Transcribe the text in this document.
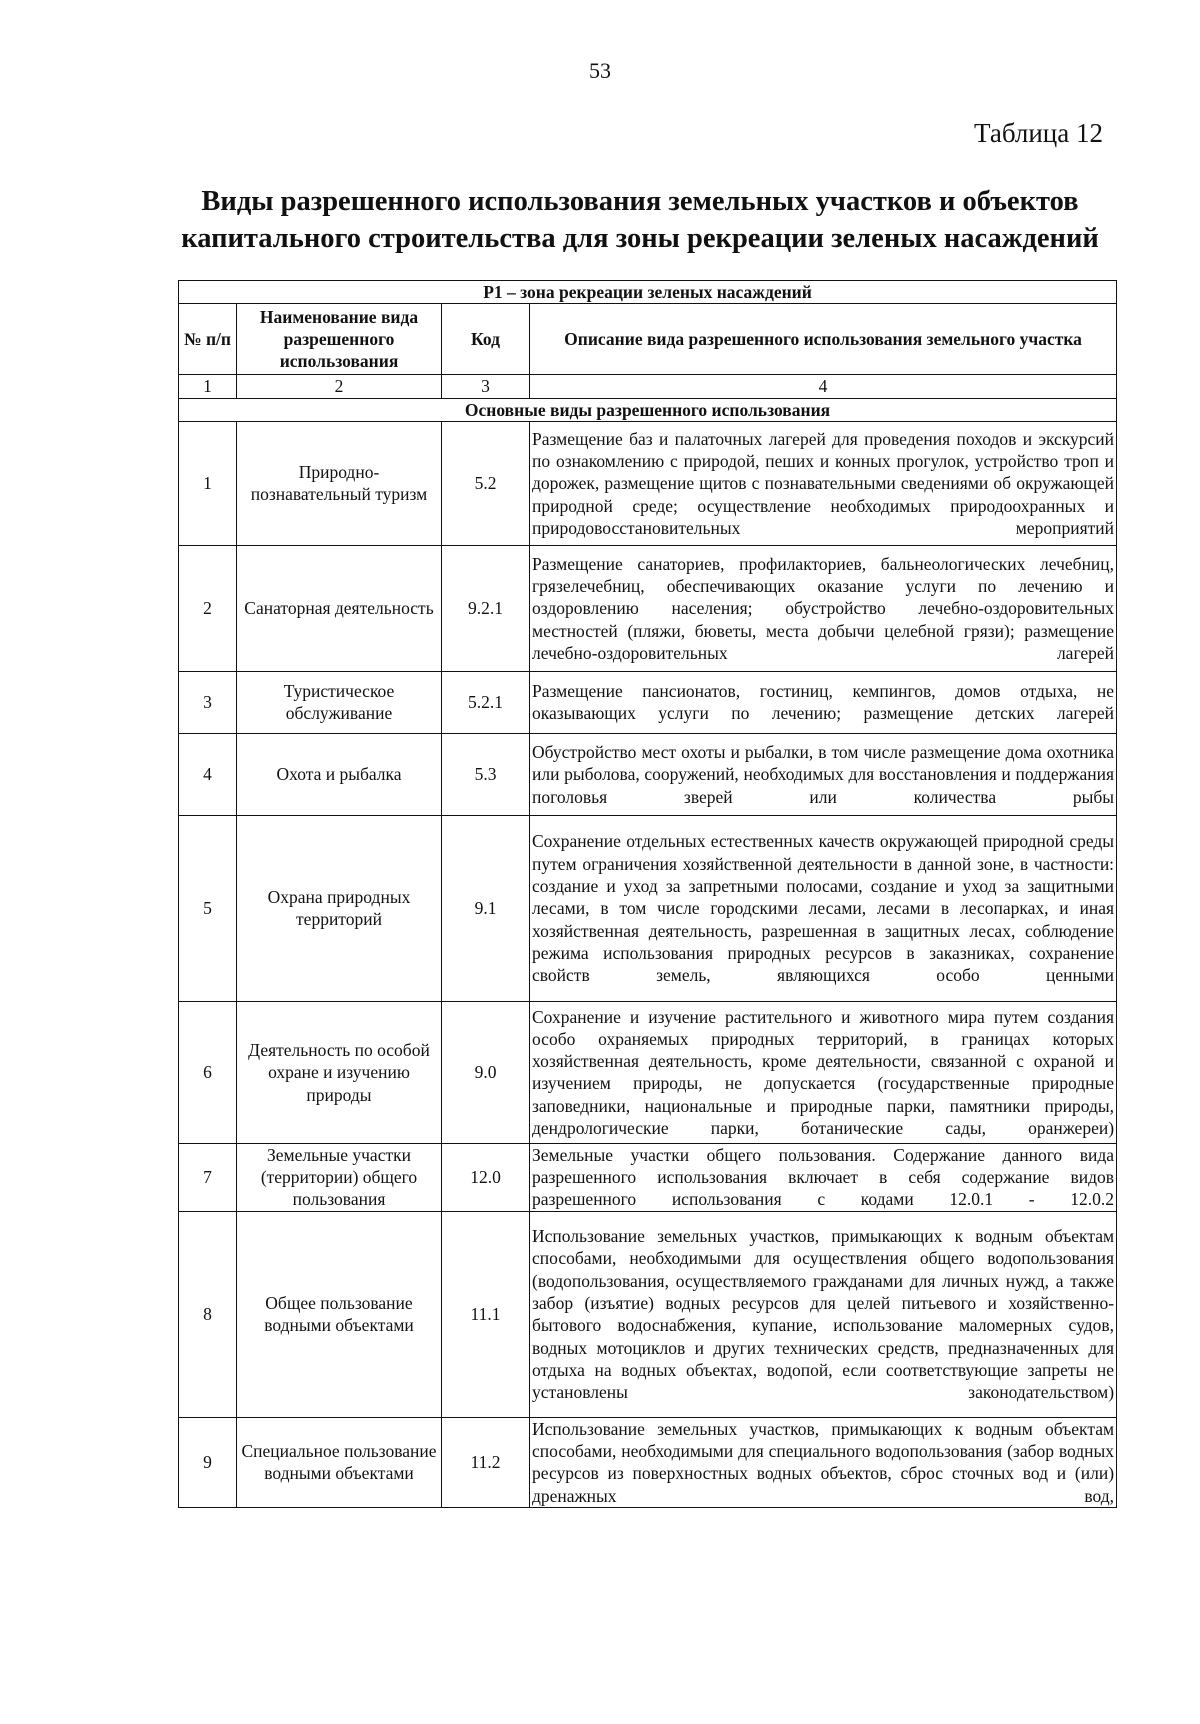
53
Таблица 12
Виды разрешенного использования земельных участков и объектов
капитального строительства для зоны рекреации зеленых насаждений
Р1 – зона рекреации зеленых насаждений			
№ п/п	Наименование вида разрешенного использования	Код	Описание вида разрешенного использования земельного участка
1	2	3	4
Основные виды разрешенного использования			
1	Природно-познавательный туризм	5.2	Размещение баз и палаточных лагерей для проведения походов и экскурсий по ознакомлению с природой, пеших и конных прогулок, устройство троп и дорожек, размещение щитов с познавательными сведениями об окружающей природной среде; осуществление необходимых природоохранных и природовосстановительных мероприятий
2	Санаторная деятельность	9.2.1	Размещение санаториев, профилакториев, бальнеологических лечебниц, грязелечебниц, обеспечивающих оказание услуги по лечению и оздоровлению населения; обустройство лечебно-оздоровительных местностей (пляжи, бюветы, места добычи целебной грязи); размещение лечебно-оздоровительных лагерей
3	Туристическое обслуживание	5.2.1	Размещение пансионатов, гостиниц, кемпингов, домов отдыха, не оказывающих услуги по лечению; размещение детских лагерей
4	Охота и рыбалка	5.3	Обустройство мест охоты и рыбалки, в том числе размещение дома охотника или рыболова, сооружений, необходимых для восстановления и поддержания поголовья зверей или количества рыбы
5	Охрана природных территорий	9.1	Сохранение отдельных естественных качеств окружающей природной среды путем ограничения хозяйственной деятельности в данной зоне, в частности: создание и уход за запретными полосами, создание и уход за защитными лесами, в том числе городскими лесами, лесами в лесопарках, и иная хозяйственная деятельность, разрешенная в защитных лесах, соблюдение режима использования природных ресурсов в заказниках, сохранение свойств земель, являющихся особо ценными
6	Деятельность по особой охране и изучению природы	9.0	Сохранение и изучение растительного и животного мира путем создания особо охраняемых природных территорий, в границах которых хозяйственная деятельность, кроме деятельности, связанной с охраной и изучением природы, не допускается (государственные природные заповедники, национальные и природные парки, памятники природы, дендрологические парки, ботанические сады, оранжереи)
7	Земельные участки (территории) общего пользования	12.0	Земельные участки общего пользования. Содержание данного вида разрешенного использования включает в себя содержание видов разрешенного использования с кодами 12.0.1 - 12.0.2
8	Общее пользование водными объектами	11.1	Использование земельных участков, примыкающих к водным объектам способами, необходимыми для осуществления общего водопользования (водопользования, осуществляемого гражданами для личных нужд, а также забор (изъятие) водных ресурсов для целей питьевого и хозяйственно-бытового водоснабжения, купание, использование маломерных судов, водных мотоциклов и других технических средств, предназначенных для отдыха на водных объектах, водопой, если соответствующие запреты не установлены законодательством)
9	Специальное пользование водными объектами	11.2	Использование земельных участков, примыкающих к водным объектам способами, необходимыми для специального водопользования (забор водных ресурсов из поверхностных водных объектов, сброс сточных вод и (или) дренажных вод,
